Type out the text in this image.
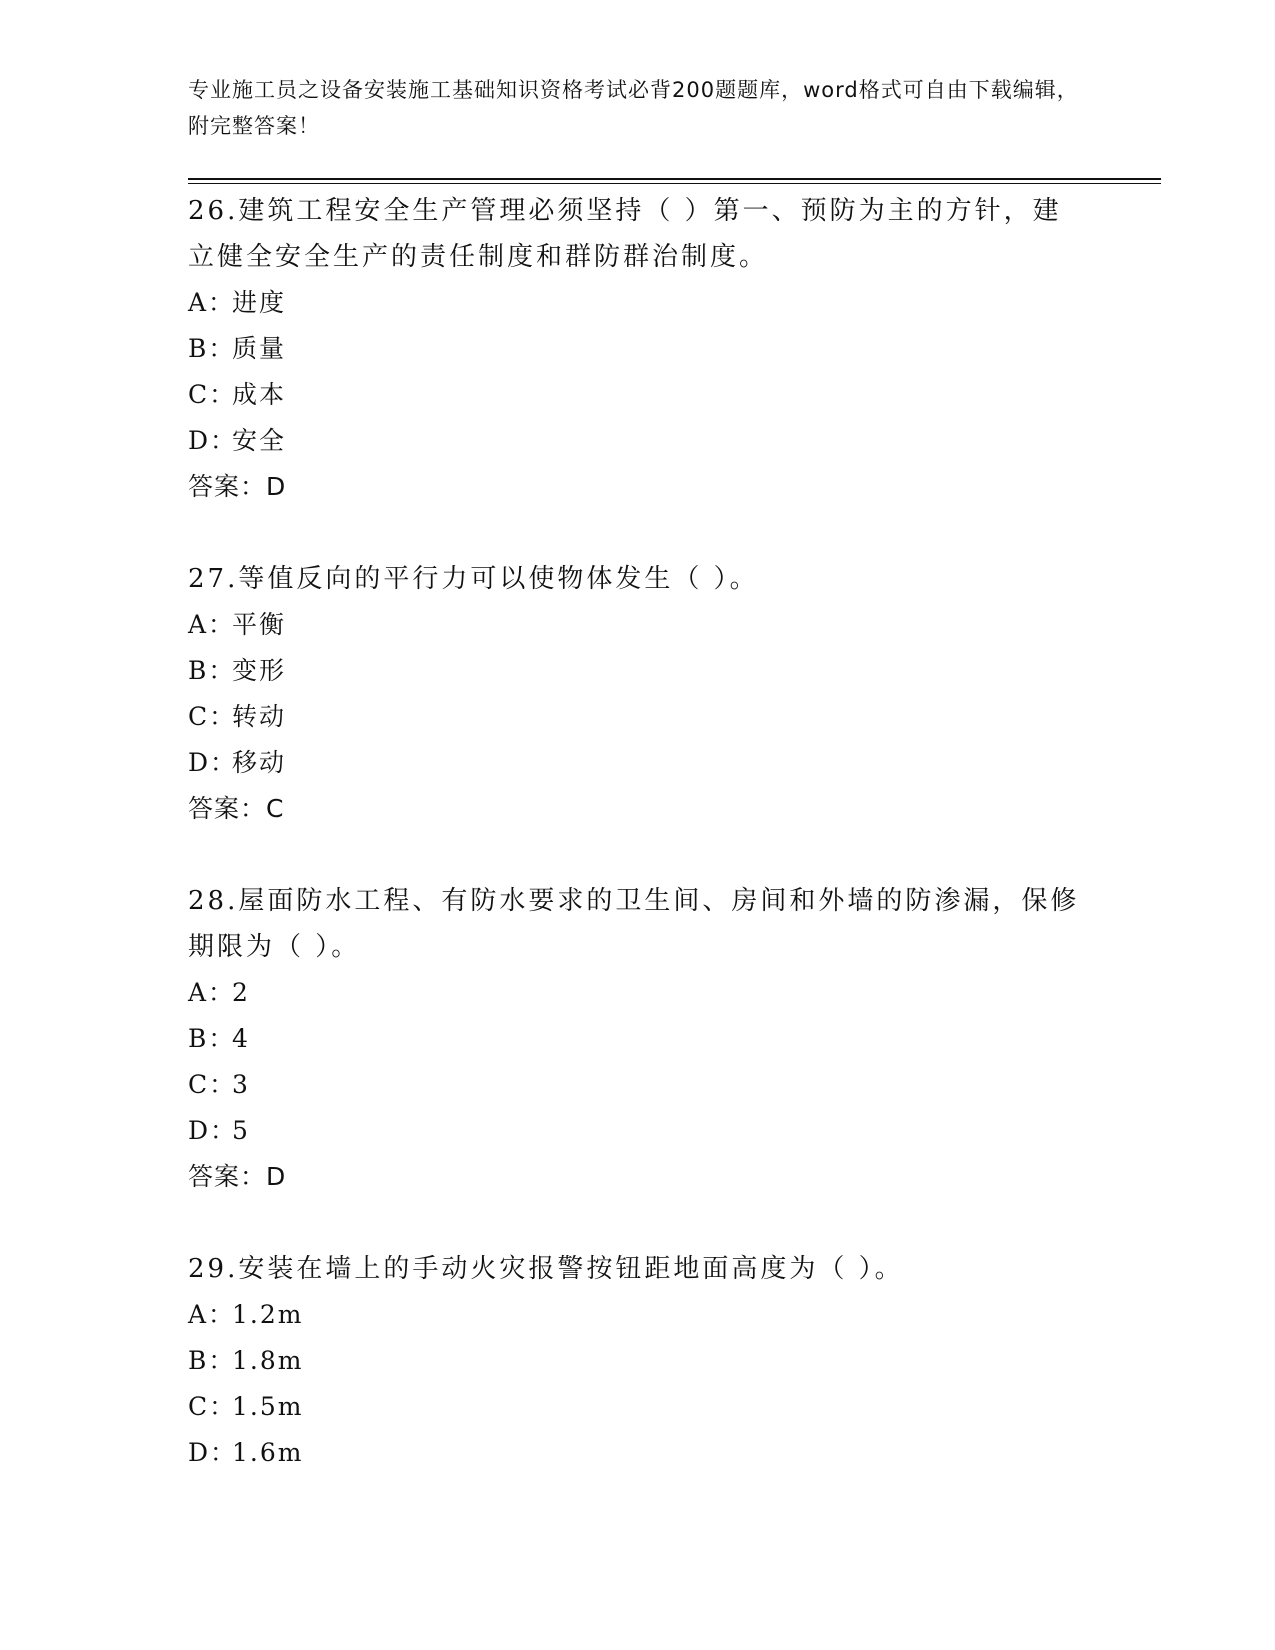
专业施工员之设备安装施工基础知识资格考试必背200题题库，word格式可自由下载编辑，附完整答案！

26.建筑工程安全生产管理必须坚持（ ）第一、预防为主的方针，建立健全安全生产的责任制度和群防群治制度。

A：
进度
B：
质量
C：
成本
D：
安全

答案：D

27.等值反向的平行力可以使物体发生（ ）。

A：
平衡
B：
变形
C：
转动
D：
移动

答案：C

28.屋面防水工程、有防水要求的卫生间、房间和外墙的防渗漏，保修期限为（ ）。

A：
2
B：
4
C：
3
D：
5

答案：D

29.安装在墙上的手动火灾报警按钮距地面高度为（ ）。

A：
1.2m
B：
1.8m
C：
1.5m
D：
1.6m
